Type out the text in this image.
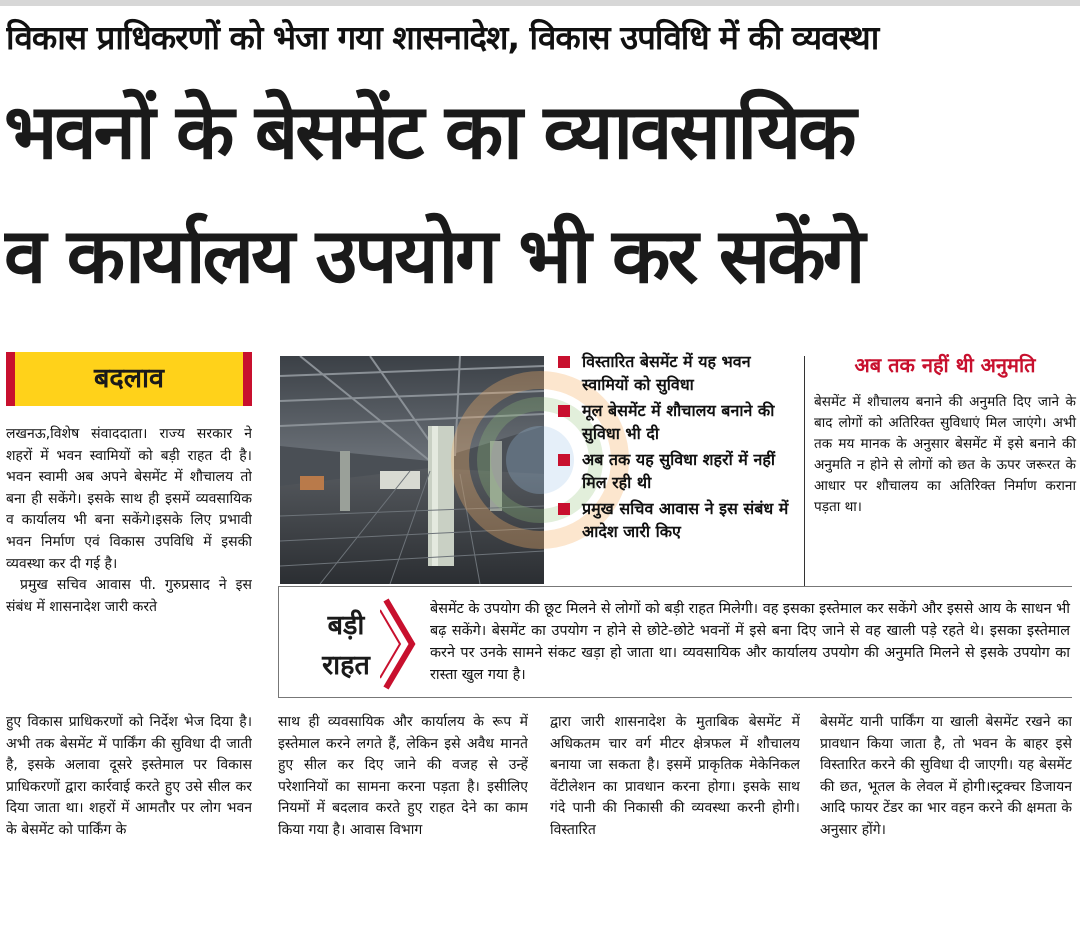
विकास प्राधिकरणों को भेजा गया शासनादेश, विकास उपविधि में की व्यवस्था
भवनों के बेसमेंट का व्यावसायिक
व कार्यालय उपयोग भी कर सकेंगे
बदलाव

लखनऊ,विशेष संवाददाता। राज्य सरकार ने शहरों में भवन स्वामियों को बड़ी राहत दी है। भवन स्वामी अब अपने बेसमेंट में शौचालय तो बना ही सकेंगे। इसके साथ ही इसमें व्यवसायिक व कार्यालय भी बना सकेंगे।इसके लिए प्रभावी भवन निर्माण एवं विकास उपविधि में इसकी व्यवस्था कर दी गई है।

प्रमुख सचिव आवास पी. गुरुप्रसाद ने इस संबंध में शासनादेश जारी करते

विस्तारित बेसमेंट में यह भवन स्वामियों को सुविधा
मूल बेसमेंट में शौचालय बनाने की सुविधा भी दी
अब तक यह सुविधा शहरों में नहीं मिल रही थी
प्रमुख सचिव आवास ने इस संबंध में आदेश जारी किए
अब तक नहीं थी अनुमति
बेसमेंट में शौचालय बनाने की अनुमति दिए जाने के बाद लोगों को अतिरिक्त सुविधाएं मिल जाएंगे। अभी तक मय मानक के अनुसार बेसमेंट में इसे बनाने की अनुमति न होने से लोगों को छत के ऊपर जरूरत के आधार पर शौचालय का अतिरिक्त निर्माण कराना पड़ता था।
बड़ी
राहत
बेसमेंट के उपयोग की छूट मिलने से लोगों को बड़ी राहत मिलेगी। वह इसका इस्तेमाल कर सकेंगे और इससे आय के साधन भी बढ़ सकेंगे। बेसमेंट का उपयोग न होने से छोटे-छोटे भवनों में इसे बना दिए जाने से वह खाली पड़े रहते थे। इसका इस्तेमाल करने पर उनके सामने संकट खड़ा हो जाता था। व्यवसायिक और कार्यालय उपयोग की अनुमति मिलने से इसके उपयोग का रास्ता खुल गया है।
हुए विकास प्राधिकरणों को निर्देश भेज दिया है। अभी तक बेसमेंट में पार्किंग की सुविधा दी जाती है, इसके अलावा दूसरे इस्तेमाल पर विकास प्राधिकरणों द्वारा कार्रवाई करते हुए उसे सील कर दिया जाता था। शहरों में आमतौर पर लोग भवन के बेसमेंट को पार्किंग के
साथ ही व्यवसायिक और कार्यालय के रूप में इस्तेमाल करने लगते हैं, लेकिन इसे अवैध मानते हुए सील कर दिए जाने की वजह से उन्हें परेशानियों का सामना करना पड़ता है। इसीलिए नियमों में बदलाव करते हुए राहत देने का काम किया गया है। आवास विभाग
द्वारा जारी शासनादेश के मुताबिक बेसमेंट में अधिकतम चार वर्ग मीटर क्षेत्रफल में शौचालय बनाया जा सकता है। इसमें प्राकृतिक मेकेनिकल वेंटीलेशन का प्रावधान करना होगा। इसके साथ गंदे पानी की निकासी की व्यवस्था करनी होगी। विस्तारित
बेसमेंट यानी पार्किंग या खाली बेसमेंट रखने का प्रावधान किया जाता है, तो भवन के बाहर इसे विस्तारित करने की सुविधा दी जाएगी। यह बेसमेंट की छत, भूतल के लेवल में होगी।स्ट्रक्चर डिजायन आदि फायर टेंडर का भार वहन करने की क्षमता के अनुसार होंगे।
